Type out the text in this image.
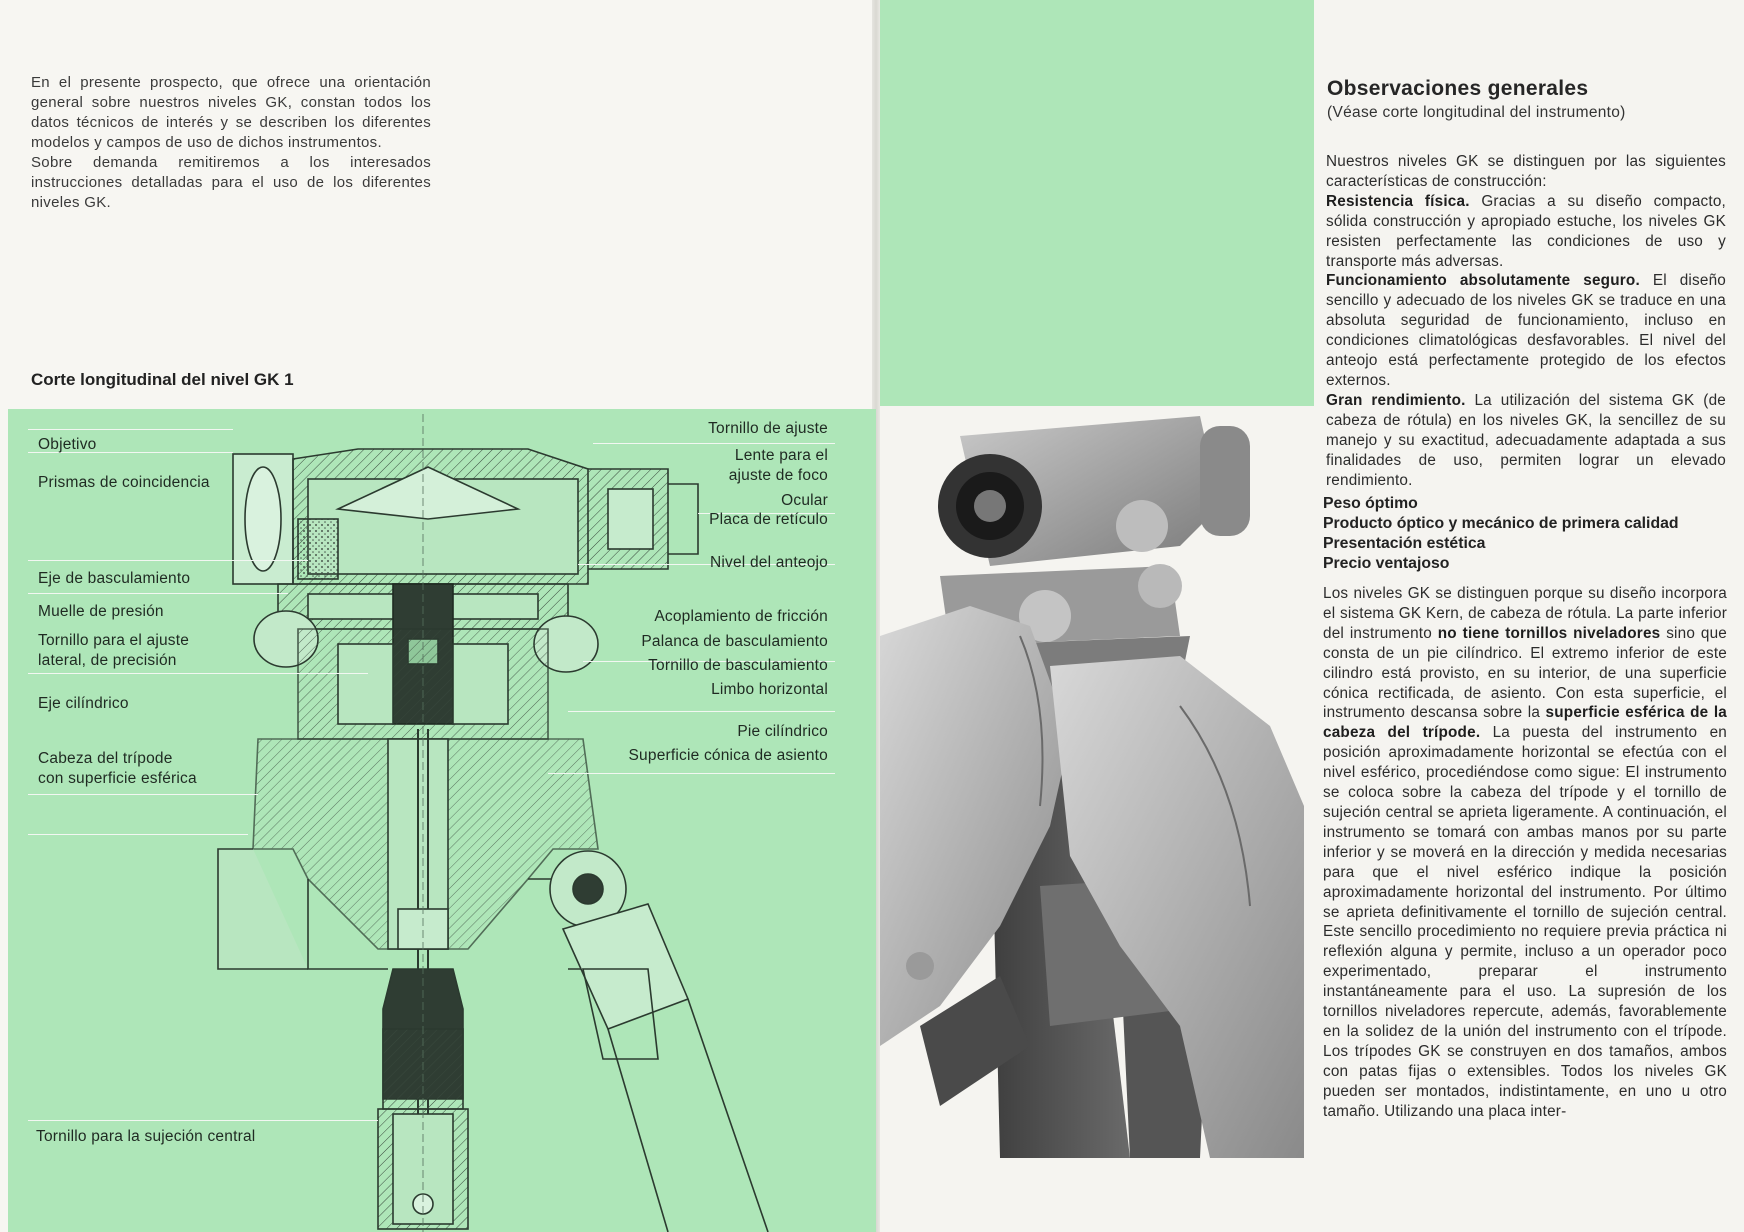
En el presente prospecto, que ofrece una orientación general sobre nuestros niveles GK, constan todos los datos técnicos de interés y se describen los diferentes modelos y campos de uso de dichos instrumentos.

Sobre demanda remitiremos a los interesados instrucciones detalladas para el uso de los diferentes niveles GK.

Corte longitudinal del nivel GK 1
Objetivo
Prismas de coincidencia
Eje de basculamiento
Muelle de presión
Tornillo para el ajuste
lateral, de precisión
Eje cilíndrico
Cabeza del trípode
con superficie esférica
Tornillo para la sujeción central
Tornillo de ajuste
Lente para el
ajuste de foco
Ocular
Placa de retículo
Nivel del anteojo
Acoplamiento de fricción
Palanca de basculamiento
Tornillo de basculamiento
Limbo horizontal
Pie cilíndrico
Superficie cónica de asiento
Observaciones generales
(Véase corte longitudinal del instrumento)

Nuestros niveles GK se distinguen por las siguientes características de construcción:

Resistencia física. Gracias a su diseño compacto, sólida construcción y apropiado estuche, los niveles GK resisten perfectamente las condiciones de uso y transporte más adversas.

Funcionamiento absolutamente seguro. El diseño sencillo y adecuado de los niveles GK se traduce en una absoluta seguridad de funcionamiento, incluso en condiciones climatológicas desfavorables. El nivel del anteojo está perfectamente protegido de los efectos externos.

Gran rendimiento. La utilización del sistema GK (de cabeza de rótula) en los niveles GK, la sencillez de su manejo y su exactitud, adecuadamente adaptada a sus finalidades de uso, permiten lograr un elevado rendimiento.

Peso óptimo
Producto óptico y mecánico de primera calidad
Presentación estética
Precio ventajoso

Los niveles GK se distinguen porque su diseño incorpora el sistema GK Kern, de cabeza de rótula. La parte inferior del instrumento no tiene tornillos niveladores sino que consta de un pie cilíndrico. El extremo inferior de este cilindro está provisto, en su interior, de una superficie cónica rectificada, de asiento. Con esta superficie, el instrumento descansa sobre la superficie esférica de la cabeza del trípode. La puesta del instrumento en posición aproximadamente horizontal se efectúa con el nivel esférico, procediéndose como sigue: El instrumento se coloca sobre la cabeza del trípode y el tornillo de sujeción central se aprieta ligeramente. A continuación, el instrumento se tomará con ambas manos por su parte inferior y se moverá en la dirección y medida necesarias para que el nivel esférico indique la posición aproximadamente horizontal del instrumento. Por último se aprieta definitivamente el tornillo de sujeción central. Este sencillo procedimiento no requiere previa práctica ni reflexión alguna y permite, incluso a un operador poco experimentado, preparar el instrumento instantáneamente para el uso. La supresión de los tornillos niveladores repercute, además, favorablemente en la solidez de la unión del instrumento con el trípode. Los trípodes GK se construyen en dos tamaños, ambos con patas fijas o extensibles. Todos los niveles GK pueden ser montados, indistintamente, en uno u otro tamaño. Utilizando una placa inter-
